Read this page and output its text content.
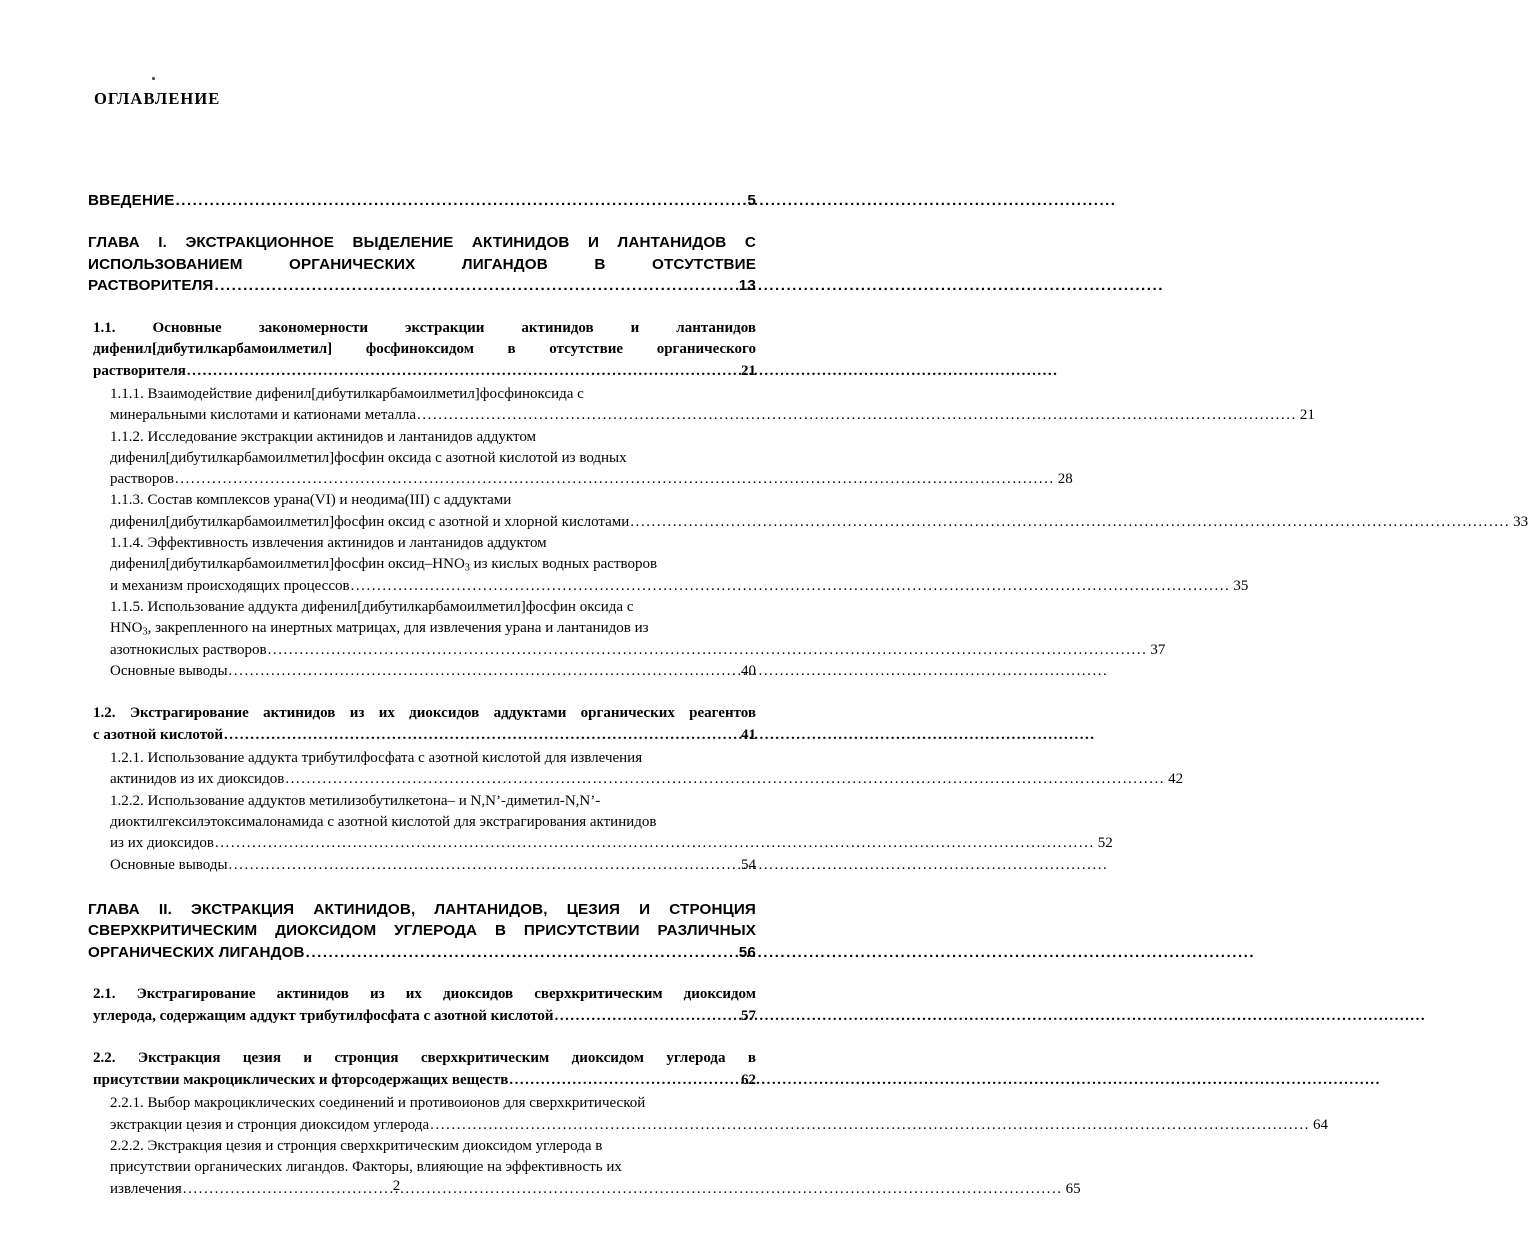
ОГЛАВЛЕНИЕ
ВВЕДЕНИЕ .....	5
ГЛАВА I. ЭКСТРАКЦИОННОЕ ВЫДЕЛЕНИЕ АКТИНИДОВ И ЛАНТАНИДОВ С
ИСПОЛЬЗОВАНИЕМ ОРГАНИЧЕСКИХ ЛИГАНДОВ В ОТСУТСТВИЕ
РАСТВОРИТЕЛЯ .....	13
1.1. Основные закономерности экстракции актинидов и лантанидов
дифенил[дибутилкарбамоилметил] фосфиноксидом в отсутствие органического
растворителя .....	21
1.1.1. Взаимодействие дифенил[дибутилкарбамоилметил]фосфиноксида с
минеральными кислотами и катионами металла .....	21
1.1.2. Исследование экстракции актинидов и лантанидов аддуктом
дифенил[дибутилкарбамоилметил]фосфин оксида с азотной кислотой из водных
растворов .....	28
1.1.3. Состав комплексов урана(VI) и неодима(III) с аддуктами
дифенил[дибутилкарбамоилметил]фосфин оксид с азотной и хлорной кислотами .....	33
1.1.4. Эффективность извлечения актинидов и лантанидов аддуктом
дифенил[дибутилкарбамоилметил]фосфин оксид–$HNO_3$ из кислых водных растворов
и механизм происходящих процессов .....	35
1.1.5. Использование аддукта дифенил[дибутилкарбамоилметил]фосфин оксида с
$HNO_3$, закрепленного на инертных матрицах, для извлечения урана и лантанидов из
азотнокислых растворов .....	37
Основные выводы .....	40
1.2. Экстрагирование актинидов из их диоксидов аддуктами органических реагентов
с азотной кислотой .....	41
1.2.1. Использование аддукта трибутилфосфата с азотной кислотой для извлечения
актинидов из их диоксидов .....	42
1.2.2. Использование аддуктов метилизобутилкетона– и N,N’-диметил-N,N’-
диоктилгексилэтоксималонамида с азотной кислотой для экстрагирования актинидов
из их диоксидов .....	52
Основные выводы .....	54
ГЛАВА II. ЭКСТРАКЦИЯ АКТИНИДОВ, ЛАНТАНИДОВ, ЦЕЗИЯ И СТРОНЦИЯ
СВЕРХКРИТИЧЕСКИМ ДИОКСИДОМ УГЛЕРОДА В ПРИСУТСТВИИ РАЗЛИЧНЫХ
ОРГАНИЧЕСКИХ ЛИГАНДОВ .....	56
2.1. Экстрагирование актинидов из их диоксидов сверхкритическим диоксидом
углерода, содержащим аддукт трибутилфосфата с азотной кислотой .....	57
2.2. Экстракция цезия и стронция сверхкритическим диоксидом углерода в
присутствии макроциклических и фторсодержащих веществ .....	62
2.2.1. Выбор макроциклических соединений и противоионов для сверхкритической
экстракции цезия и стронция диоксидом углерода .....	64
2.2.2. Экстракция цезия и стронция сверхкритическим диоксидом углерода в
присутствии органических лигандов. Факторы, влияющие на эффективность их
извлечения .....	65
2
